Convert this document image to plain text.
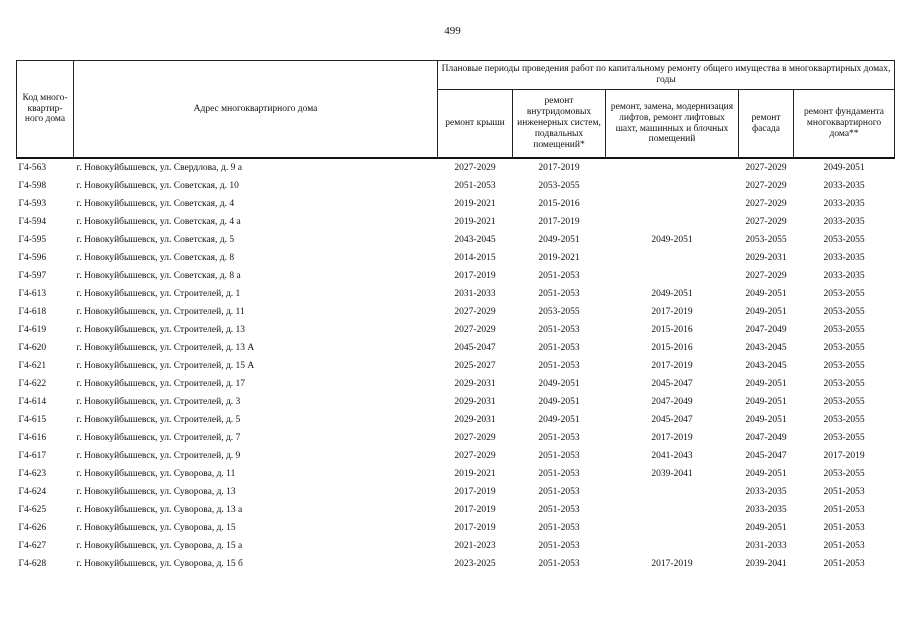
499
Код много-квартир-ного дома	Адрес многоквартирного дома	Плановые периоды проведения работ по капитальному ремонту общего имущества в многоквартирных домах, годы				
		ремонт крыши	ремонт внутридомовых инженерных систем, подвальных помещений*	ремонт, замена, модернизация лифтов, ремонт лифтовых шахт, машинных и блочных помещений	ремонт фасада	ремонт фундамента многоквартирного дома**
Г4-563	г. Новокуйбышевск, ул. Свердлова, д. 9 а	2027-2029	2017-2019		2027-2029	2049-2051
Г4-598	г. Новокуйбышевск, ул. Советская, д. 10	2051-2053	2053-2055		2027-2029	2033-2035
Г4-593	г. Новокуйбышевск, ул. Советская, д. 4	2019-2021	2015-2016		2027-2029	2033-2035
Г4-594	г. Новокуйбышевск, ул. Советская, д. 4 а	2019-2021	2017-2019		2027-2029	2033-2035
Г4-595	г. Новокуйбышевск, ул. Советская, д. 5	2043-2045	2049-2051	2049-2051	2053-2055	2053-2055
Г4-596	г. Новокуйбышевск, ул. Советская, д. 8	2014-2015	2019-2021		2029-2031	2033-2035
Г4-597	г. Новокуйбышевск, ул. Советская, д. 8 а	2017-2019	2051-2053		2027-2029	2033-2035
Г4-613	г. Новокуйбышевск, ул. Строителей, д. 1	2031-2033	2051-2053	2049-2051	2049-2051	2053-2055
Г4-618	г. Новокуйбышевск, ул. Строителей, д. 11	2027-2029	2053-2055	2017-2019	2049-2051	2053-2055
Г4-619	г. Новокуйбышевск, ул. Строителей, д. 13	2027-2029	2051-2053	2015-2016	2047-2049	2053-2055
Г4-620	г. Новокуйбышевск, ул. Строителей, д. 13 А	2045-2047	2051-2053	2015-2016	2043-2045	2053-2055
Г4-621	г. Новокуйбышевск, ул. Строителей, д. 15 А	2025-2027	2051-2053	2017-2019	2043-2045	2053-2055
Г4-622	г. Новокуйбышевск, ул. Строителей, д. 17	2029-2031	2049-2051	2045-2047	2049-2051	2053-2055
Г4-614	г. Новокуйбышевск, ул. Строителей, д. 3	2029-2031	2049-2051	2047-2049	2049-2051	2053-2055
Г4-615	г. Новокуйбышевск, ул. Строителей, д. 5	2029-2031	2049-2051	2045-2047	2049-2051	2053-2055
Г4-616	г. Новокуйбышевск, ул. Строителей, д. 7	2027-2029	2051-2053	2017-2019	2047-2049	2053-2055
Г4-617	г. Новокуйбышевск, ул. Строителей, д. 9	2027-2029	2051-2053	2041-2043	2045-2047	2017-2019
Г4-623	г. Новокуйбышевск, ул. Суворова, д. 11	2019-2021	2051-2053	2039-2041	2049-2051	2053-2055
Г4-624	г. Новокуйбышевск, ул. Суворова, д. 13	2017-2019	2051-2053		2033-2035	2051-2053
Г4-625	г. Новокуйбышевск, ул. Суворова, д. 13 а	2017-2019	2051-2053		2033-2035	2051-2053
Г4-626	г. Новокуйбышевск, ул. Суворова, д. 15	2017-2019	2051-2053		2049-2051	2051-2053
Г4-627	г. Новокуйбышевск, ул. Суворова, д. 15 а	2021-2023	2051-2053		2031-2033	2051-2053
Г4-628	г. Новокуйбышевск, ул. Суворова, д. 15 б	2023-2025	2051-2053	2017-2019	2039-2041	2051-2053
